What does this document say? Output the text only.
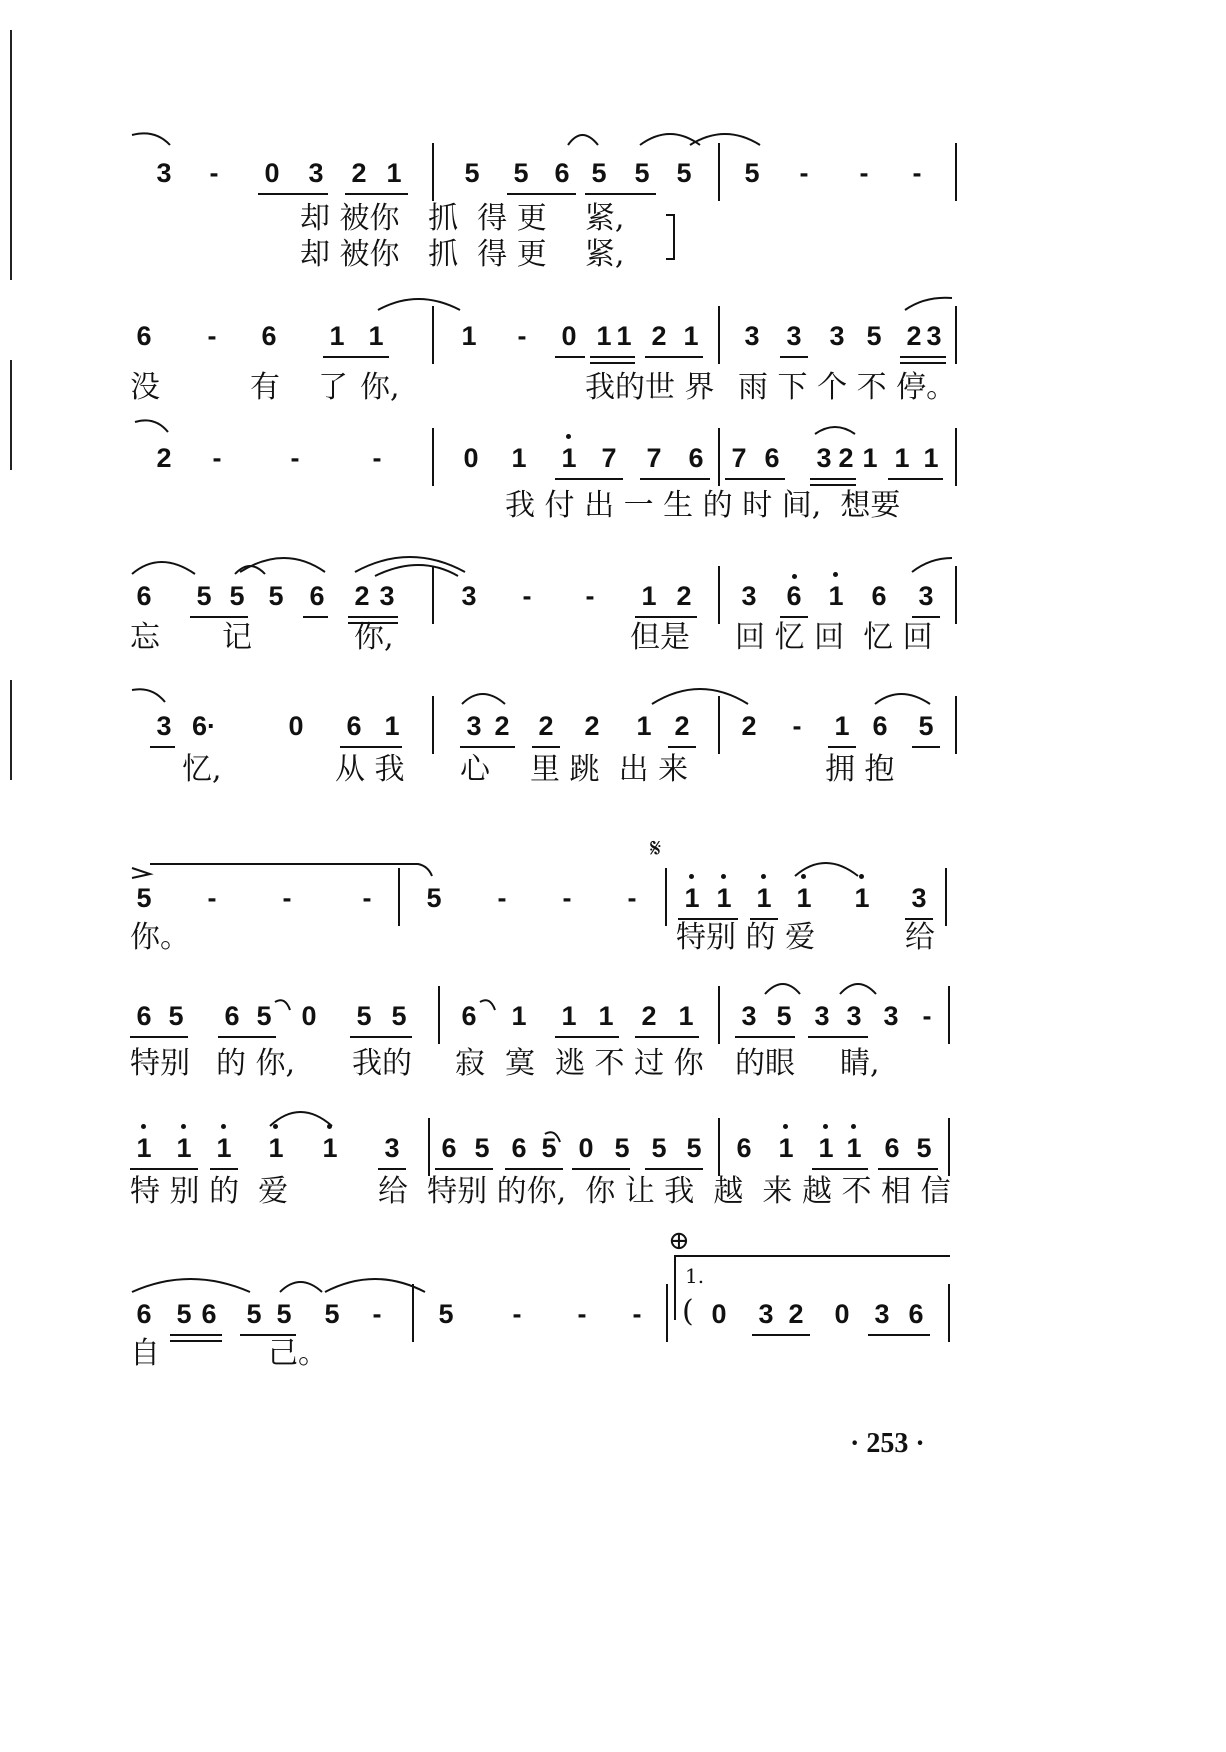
3 - 0 3 2 1 5 5 6 5 5 5 5 - - -
却 被你   抓  得 更    紧,
却 被你   抓  得 更    紧,
6 - 6 1 1	1 - 0 1 1 2 1 3 3 3 5 2 3
没	有 了 你,	我的世 界 雨 下 个 不 停。
2 -	-	-	0 1 1 7 7 6 7 6 3 2 1 1 1
我 付 出 一 生 的 时 间,  想要
6 5 5 5 6 2 3 3 - - 1 2 3 6 1 6 3
忘 记	你,	但是 回 忆 回  忆 回
3 6·	0 6 1 3 2 2 2 1 2 2 - 1 6 5
忆,	从 我 心 里 跳  出 来	拥 抱
𝄋
5 - -	- 5 - - - 1 1 1 1 1 3
你。	特别 的 爱	给
6 5 6 5 0 5 5 6 1 1 1 2 1 3 5 3 3 3 -
特别 的 你, 我的 寂 寞 逃 不 过 你 的眼 睛,
1 1 1 1 1 3 6 5 6 5 0 5 5 5 6 1 1 1 6 5
特 别 的  爱	给  特别 的你,  你 让 我  越  来 越 不 相 信
⊕
1.
6 5 6 5 5 5 - 5 - - - ( 0 3 2 0 3 6
自	己。
· 253 ·
